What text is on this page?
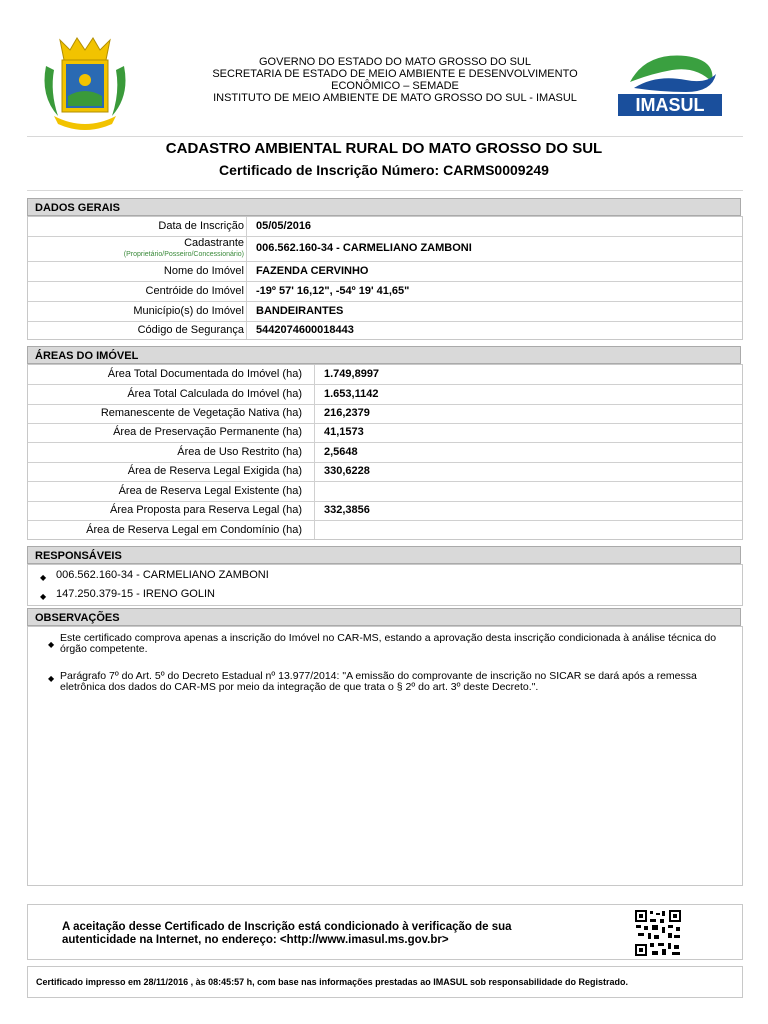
GOVERNO DO ESTADO DO MATO GROSSO DO SUL
SECRETARIA DE ESTADO DE MEIO AMBIENTE E DESENVOLVIMENTO
ECONÔMICO – SEMADE
INSTITUTO DE MEIO AMBIENTE DE MATO GROSSO DO SUL - IMASUL	IMASUL
CADASTRO AMBIENTAL RURAL DO MATO GROSSO DO SUL
Certificado de Inscrição Número: CARMS0009249
DADOS GERAIS
Data de Inscrição 05/05/2016
Cadastrante
(Proprietário/Posseiro/Concessionário)
006.562.160-34 - CARMELIANO ZAMBONI
Nome do Imóvel FAZENDA CERVINHO
Centróide do Imóvel -19º 57' 16,12", -54º 19' 41,65"
Município(s) do Imóvel BANDEIRANTES
Código de Segurança 5442074600018443
ÁREAS DO IMÓVEL
Área Total Documentada do Imóvel (ha) 1.749,8997
Área Total Calculada do Imóvel (ha) 1.653,1142
Remanescente de Vegetação Nativa (ha) 216,2379
Área de Preservação Permanente (ha) 41,1573
Área de Uso Restrito (ha) 2,5648
Área de Reserva Legal Exigida (ha) 330,6228
Área de Reserva Legal Existente (ha)
Área Proposta para Reserva Legal (ha) 332,3856
Área de Reserva Legal em Condomínio (ha)
RESPONSÁVEIS
◆ 006.562.160-34 - CARMELIANO ZAMBONI
◆ 147.250.379-15 - IRENO GOLIN
OBSERVAÇÕES
◆
Este certificado comprova apenas a inscrição do Imóvel no CAR-MS, estando a aprovação desta inscrição condicionada à análise técnica do órgão competente.
◆ Parágrafo 7º do Art. 5º do Decreto Estadual nº 13.977/2014: "A emissão do comprovante de inscrição no SICAR se dará após a remessa eletrônica dos dados do CAR-MS por meio da integração de que trata o § 2º do art. 3º deste Decreto.".
A aceitação desse Certificado de Inscrição está condicionado à verificação de sua autenticidade na Internet, no endereço: <http://www.imasul.ms.gov.br>
Certificado impresso em 28/11/2016 , às 08:45:57 h, com base nas informações prestadas ao IMASUL sob responsabilidade do Registrado.
